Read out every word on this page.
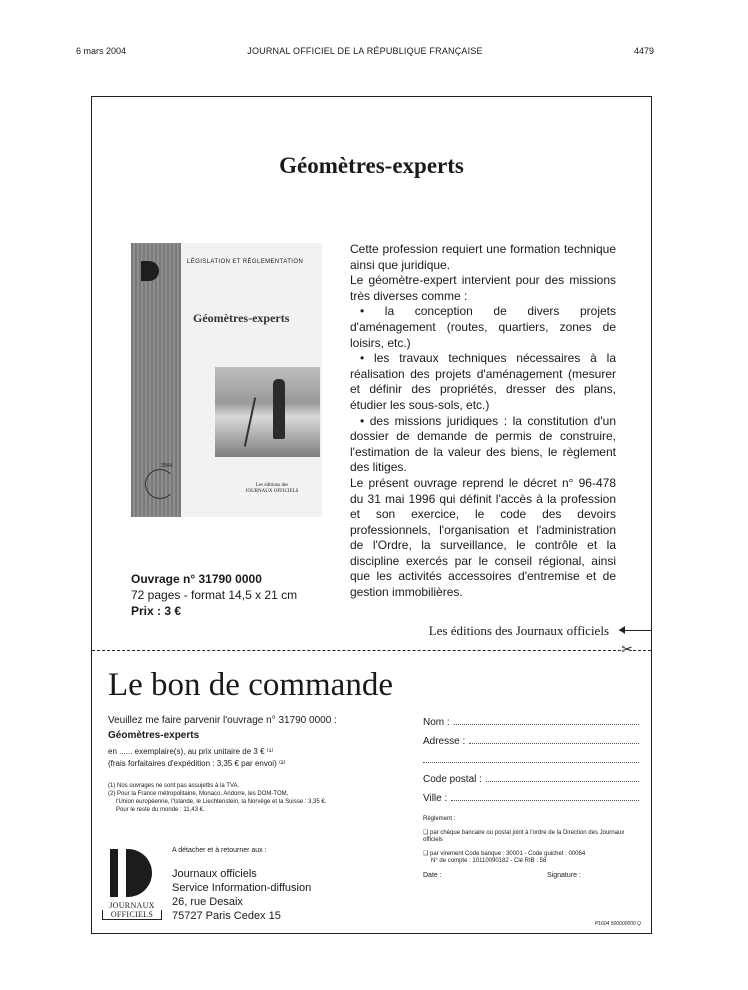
6 mars 2004	JOURNAL OFFICIEL DE LA RÉPUBLIQUE FRANÇAISE	4479
Géomètres-experts
2004
LÉGISLATION ET RÉGLEMENTATION
Géomètres-experts
Les éditions des
JOURNAUX OFFICIELS

Cette profession requiert une formation technique ainsi que juridique.

Le géomètre-expert intervient pour des missions très diverses comme :

• la conception de divers projets d'aménagement (routes, quartiers, zones de loisirs, etc.)

• les travaux techniques nécessaires à la réalisation des projets d'aménagement (mesurer et définir des propriétés, dresser des plans, étudier les sous-sols, etc.)

• des missions juridiques : la constitution d'un dossier de demande de permis de construire, l'estimation de la valeur des biens, le règlement des litiges.

Le présent ouvrage reprend le décret n° 96-478 du 31 mai 1996 qui définit l'accès à la profession et son exercice, le code des devoirs professionnels, l'organisation et l'administration de l'Ordre, la surveillance, le contrôle et la discipline exercés par le conseil régional, ainsi que les activités accessoires d'entremise et de gestion immobilières.

Ouvrage n° 31790 0000
72 pages - format 14,5 x 21 cm
Prix : 3 €
Les éditions des Journaux officiels
✂
Le bon de commande
Veuillez me faire parvenir l'ouvrage n° 31790 0000 :
Géomètres-experts
en ...... exemplaire(s), au prix unitaire de 3 € ⁽¹⁾
(frais forfaitaires d'expédition : 3,35 € par envoi) ⁽²⁾
(1) Nos ouvrages ne sont pas assujettis à la TVA.
(2) Pour la France métropolitaine, Monaco, Andorre, les DOM-TOM,
l'Union européenne, l'Islande, le Liechtenstein, la Norvège et la Suisse : 3,35 €.
Pour le reste du monde : 11,43 €.
JOURNAUX
OFFICIELS
A détacher et à retourner aux :
Journaux officiels
Service Information-diffusion
26, rue Desaix
75727 Paris Cedex 15
Nom :
Adresse :
Code postal :
Ville :
Règlement :
❑ par chèque bancaire ou postal joint à l'ordre de la Direction des Journaux officiels
❑ par virement Code banque : 30001 - Code guichet : 00064
N° de compte : 10110090182 - Clé RIB : 58
Date :	Signature :
P1604 500000000 Q
